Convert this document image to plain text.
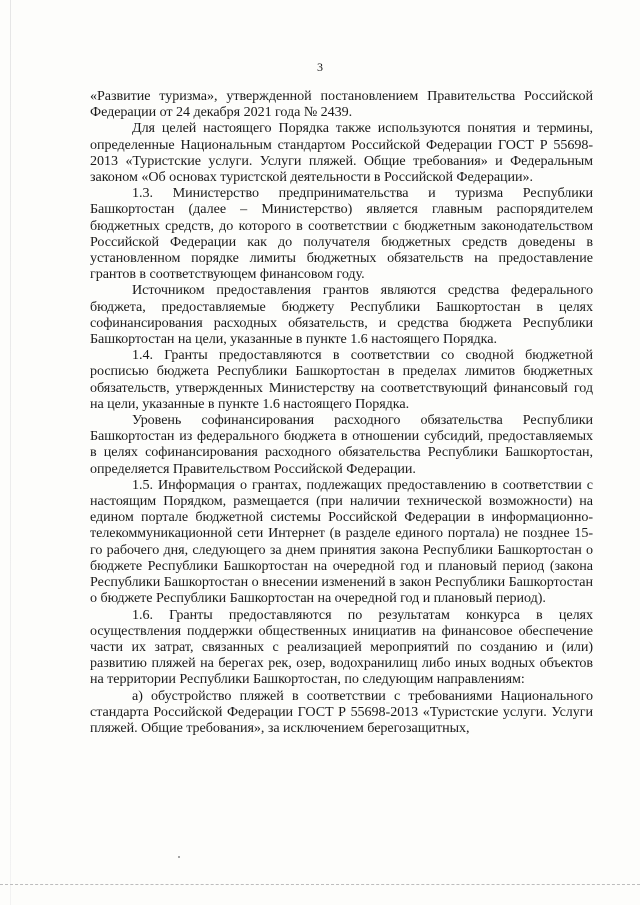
3

«Развитие туризма», утвержденной постановлением Правительства Российской Федерации от 24 декабря 2021 года № 2439.

Для целей настоящего Порядка также используются понятия и термины, определенные Национальным стандартом Российской Федерации ГОСТ Р 55698-2013 «Туристские услуги. Услуги пляжей. Общие требования» и Федеральным законом «Об основах туристской деятельности в Российской Федерации».

1.3. Министерство предпринимательства и туризма Республики Башкортостан (далее – Министерство) является главным распорядителем бюджетных средств, до которого в соответствии с бюджетным законодательством Российской Федерации как до получателя бюджетных средств доведены в установленном порядке лимиты бюджетных обязательств на предоставление грантов в соответствующем финансовом году.

Источником предоставления грантов являются средства федерального бюджета, предоставляемые бюджету Республики Башкортостан в целях софинансирования расходных обязательств, и средства бюджета Республики Башкортостан на цели, указанные в пункте 1.6 настоящего Порядка.

1.4. Гранты предоставляются в соответствии со сводной бюджетной росписью бюджета Республики Башкортостан в пределах лимитов бюджетных обязательств, утвержденных Министерству на соответствующий финансовый год на цели, указанные в пункте 1.6 настоящего Порядка.

Уровень софинансирования расходного обязательства Республики Башкортостан из федерального бюджета в отношении субсидий, предоставляемых в целях софинансирования расходного обязательства Республики Башкортостан, определяется Правительством Российской Федерации.

1.5. Информация о грантах, подлежащих предоставлению в соответствии с настоящим Порядком, размещается (при наличии технической возможности) на едином портале бюджетной системы Российской Федерации в информационно-телекоммуникационной сети Интернет (в разделе единого портала) не позднее 15-го рабочего дня, следующего за днем принятия закона Республики Башкортостан о бюджете Республики Башкортостан на очередной год и плановый период (закона Республики Башкортостан о внесении изменений в закон Республики Башкортостан о бюджете Республики Башкортостан на очередной год и плановый период).

1.6. Гранты предоставляются по результатам конкурса в целях осуществления поддержки общественных инициатив на финансовое обеспечение части их затрат, связанных с реализацией мероприятий по созданию и (или) развитию пляжей на берегах рек, озер, водохранилищ либо иных водных объектов на территории Республики Башкортостан, по следующим направлениям:

а) обустройство пляжей в соответствии с требованиями Национального стандарта Российской Федерации ГОСТ Р 55698-2013 «Туристские услуги. Услуги пляжей. Общие требования», за исключением берегозащитных,
